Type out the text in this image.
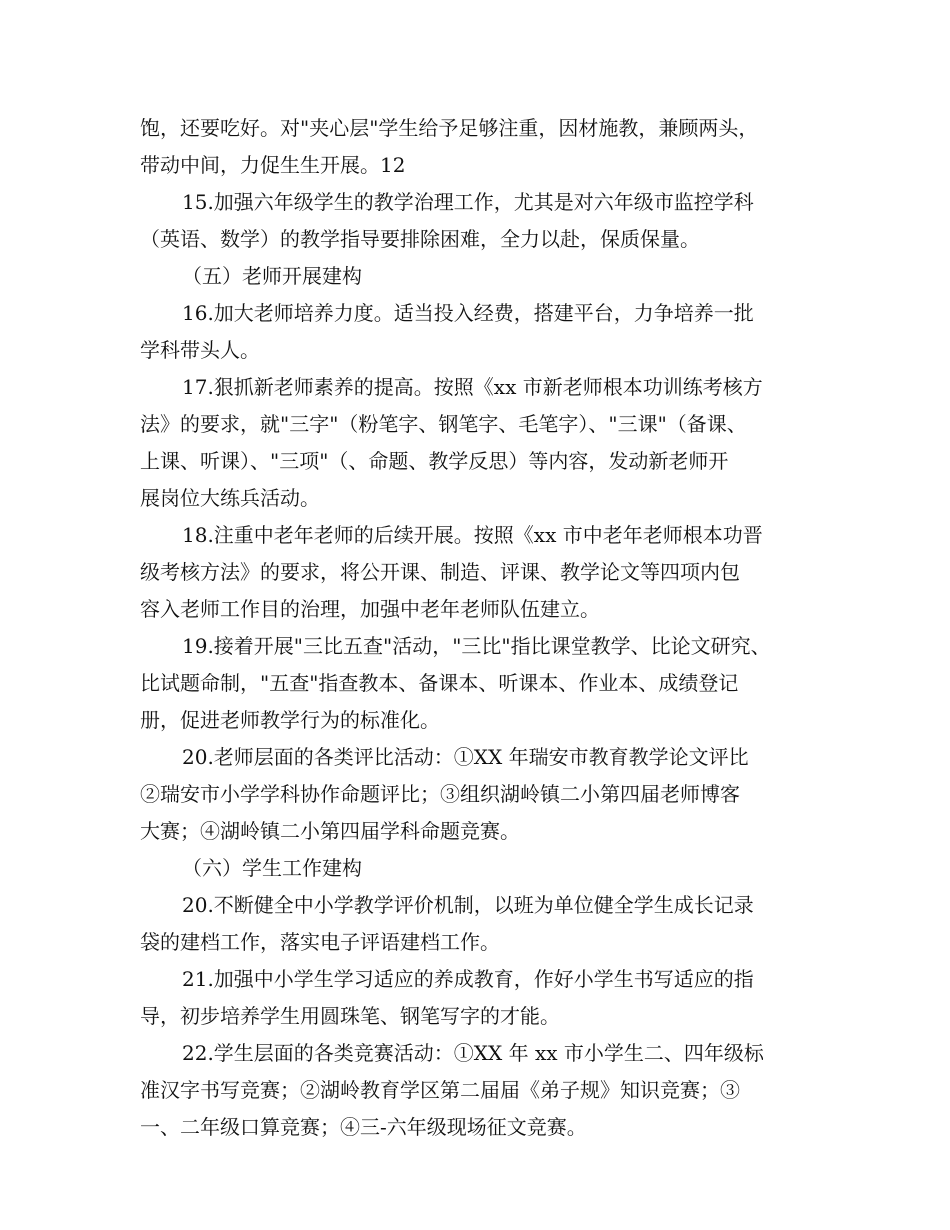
饱，还要吃好。对"夹心层"学生给予足够注重，因材施教，兼顾两头，
带动中间，力促生生开展。12
15.加强六年级学生的教学治理工作，尤其是对六年级市监控学科
（英语、数学）的教学指导要排除困难，全力以赴，保质保量。
（五）老师开展建构
16.加大老师培养力度。适当投入经费，搭建平台，力争培养一批
学科带头人。
17.狠抓新老师素养的提高。按照《xx 市新老师根本功训练考核方
法》的要求，就"三字"（粉笔字、钢笔字、毛笔字）、"三课"（备课、
上课、听课）、"三项"（、命题、教学反思）等内容，发动新老师开
展岗位大练兵活动。
18.注重中老年老师的后续开展。按照《xx 市中老年老师根本功晋
级考核方法》的要求，将公开课、制造、评课、教学论文等四项内包
容入老师工作目的治理，加强中老年老师队伍建立。
19.接着开展"三比五查"活动，"三比"指比课堂教学、比论文研究、
比试题命制，"五查"指查教本、备课本、听课本、作业本、成绩登记
册，促进老师教学行为的标准化。
20.老师层面的各类评比活动：①XX 年瑞安市教育教学论文评比
②瑞安市小学学科协作命题评比；③组织湖岭镇二小第四届老师博客
大赛；④湖岭镇二小第四届学科命题竞赛。
（六）学生工作建构
20.不断健全中小学教学评价机制，以班为单位健全学生成长记录
袋的建档工作，落实电子评语建档工作。
21.加强中小学生学习适应的养成教育，作好小学生书写适应的指
导，初步培养学生用圆珠笔、钢笔写字的才能。
22.学生层面的各类竞赛活动：①XX 年 xx 市小学生二、四年级标
准汉字书写竞赛；②湖岭教育学区第二届届《弟子规》知识竞赛；③
一、二年级口算竞赛；④三-六年级现场征文竞赛。
